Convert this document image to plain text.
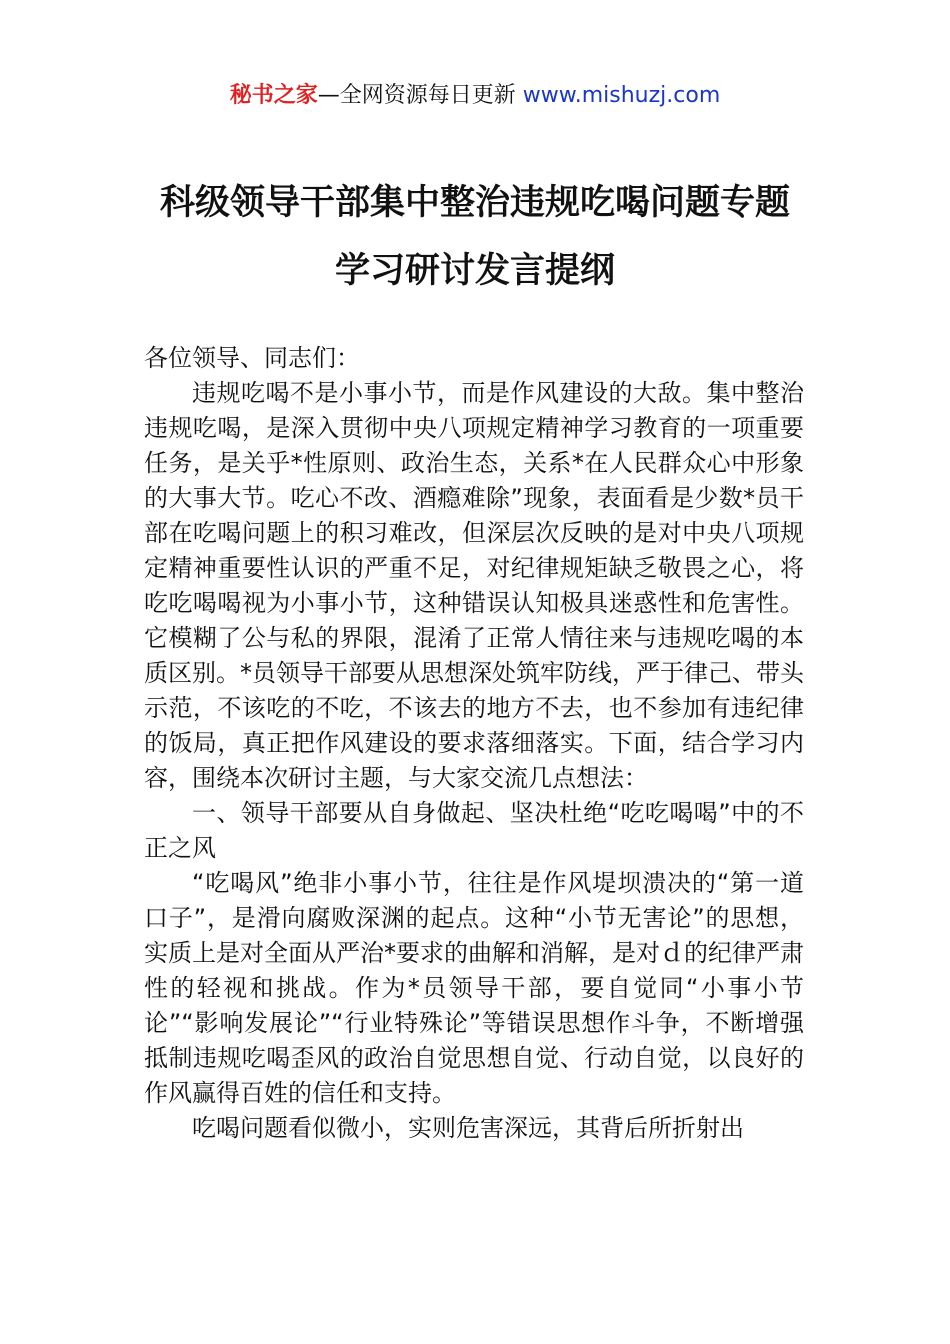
秘书之家—全网资源每日更新 www.mishuzj.com
科级领导干部集中整治违规吃喝问题专题
学习研讨发言提纲

各位领导、同志们：

违规吃喝不是小事小节，而是作风建设的大敌。集中整治违规吃喝，是深入贯彻中央八项规定精神学习教育的一项重要任务，是关乎*性原则、政治生态，关系*在人民群众心中形象的大事大节。吃心不改、酒瘾难除”现象，表面看是少数*员干部在吃喝问题上的积习难改，但深层次反映的是对中央八项规定精神重要性认识的严重不足，对纪律规矩缺乏敬畏之心，将吃吃喝喝视为小事小节，这种错误认知极具迷惑性和危害性。它模糊了公与私的界限，混淆了正常人情往来与违规吃喝的本质区别。*员领导干部要从思想深处筑牢防线，严于律己、带头示范，不该吃的不吃，不该去的地方不去，也不参加有违纪律的饭局，真正把作风建设的要求落细落实。下面，结合学习内容，围绕本次研讨主题，与大家交流几点想法：

一、领导干部要从自身做起、坚决杜绝“吃吃喝喝”中的不正之风

“吃喝风”绝非小事小节，往往是作风堤坝溃决的“第一道口子”，是滑向腐败深渊的起点。这种“小节无害论”的思想，实质上是对全面从严治*要求的曲解和消解，是对ｄ的纪律严肃性的轻视和挑战。作为*员领导干部，要自觉同“小事小节论”“影响发展论”“行业特殊论”等错误思想作斗争，不断增强抵制违规吃喝歪风的政治自觉思想自觉、行动自觉，以良好的作风赢得百姓的信任和支持。

吃喝问题看似微小，实则危害深远，其背后所折射出
